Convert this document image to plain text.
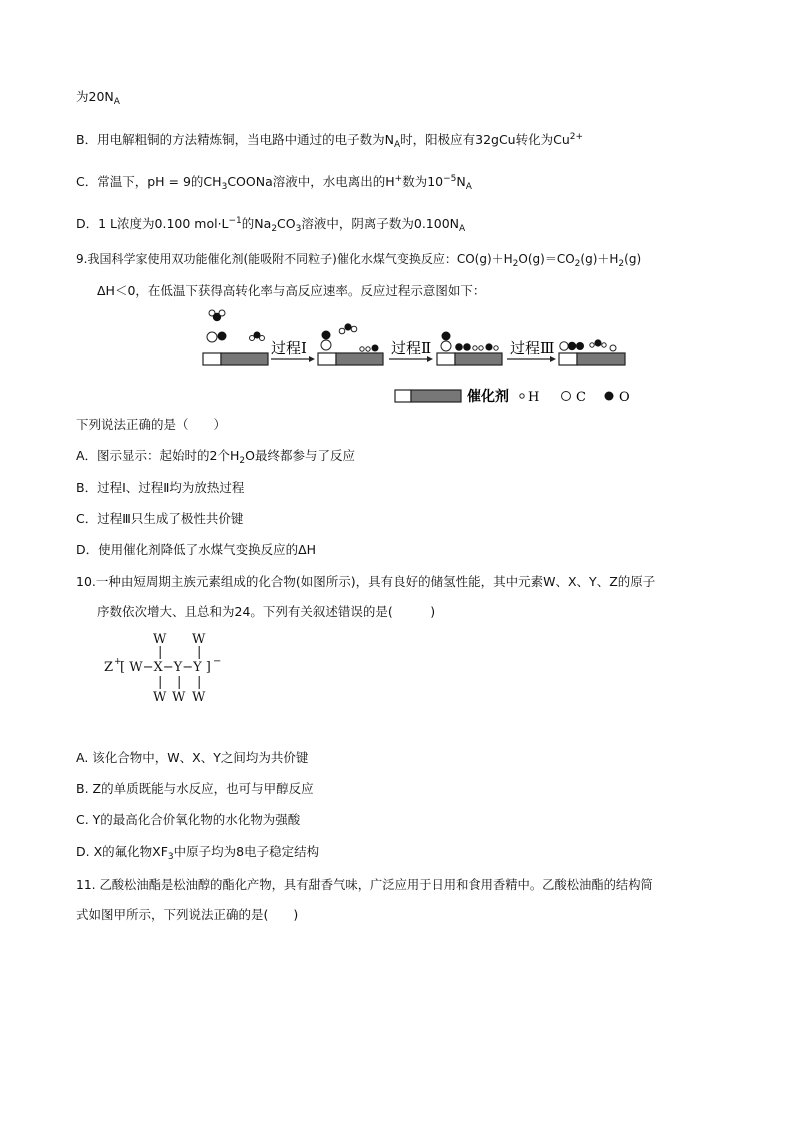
为$20N_A$
B．用电解粗铜的方法精炼铜，当电路中通过的电子数为$N_A$时，阳极应有32gCu转化为$Cu^{2+}$
C．常温下，pH = 9的$CH_3COONa$溶液中，水电离出的H+数为$10^{-5}N_A$
D．1 L浓度为0.100 $mol\cdot L^{-1}$的$Na_2CO_3$溶液中，阴离子数为$0.100N_A$
9.我国科学家使用双功能催化剂(能吸附不同粒子)催化水煤气变换反应：$CO(g)+H_2O(g)=CO_2(g)+H_2(g)$
ΔH＜0，在低温下获得高转化率与高反应速率。反应过程示意图如下：
过程Ⅰ	过程Ⅱ	过程Ⅲ
催化剂 H	C	O
下列说法正确的是（　　）
A．图示显示：起始时的2个$H_2O$最终都参与了反应
B．过程Ⅰ、过程Ⅱ均为放热过程
C．过程Ⅲ只生成了极性共价键
D．使用催化剂降低了水煤气变换反应的ΔH
10.一种由短周期主族元素组成的化合物(如图所示)，具有良好的储氢性能，其中元素W、X、Y、Z的原子
序数依次增大、且总和为24。下列有关叙述错误的是(　　　)
W W
|	|
Z +
[ W−X−Y−Y ] −
| | |
W W W
A. 该化合物中，W、X、Y之间均为共价键
B. Z的单质既能与水反应，也可与甲醇反应
C. Y的最高化合价氧化物的水化物为强酸
D. X的氟化物$XF_3$中原子均为8电子稳定结构
11. 乙酸松油酯是松油醇的酯化产物，具有甜香气味，广泛应用于日用和食用香精中。乙酸松油酯的结构简
式如图甲所示，下列说法正确的是(　　)
